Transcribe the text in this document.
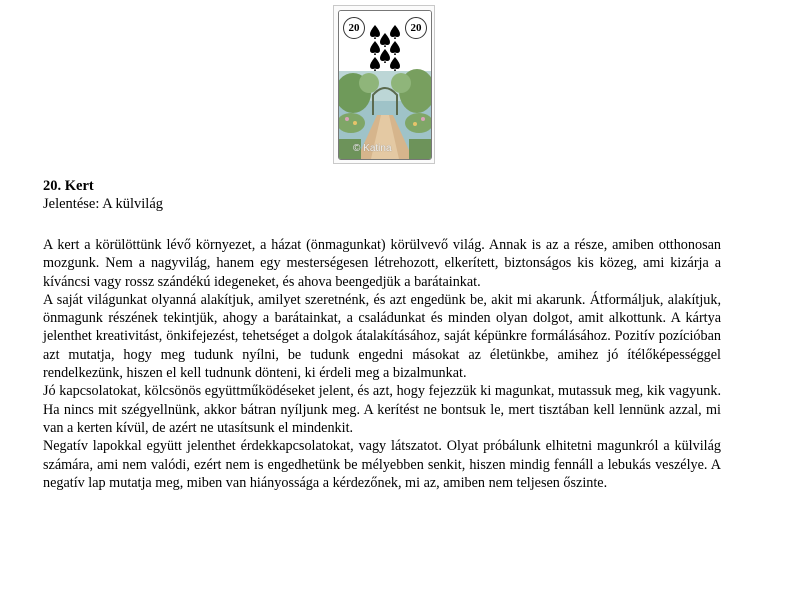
20	20
© Katina
20. Kert
Jelentése: A külvilág

A kert a körülöttünk lévő környezet, a házat (önmagunkat) körülvevő világ. Annak is az a része, amiben otthonosan mozgunk. Nem a nagyvilág, hanem egy mesterségesen létrehozott, elkerített, biztonságos kis közeg, ami kizárja a kíváncsi vagy rossz szándékú idegeneket, és ahova beengedjük a barátainkat.

A saját világunkat olyanná alakítjuk, amilyet szeretnénk, és azt engedünk be, akit mi akarunk. Átformáljuk, alakítjuk, önmagunk részének tekintjük, ahogy a barátainkat, a családunkat és minden olyan dolgot, amit alkottunk. A kártya jelenthet kreativitást, önkifejezést, tehetséget a dolgok átalakításához, saját képünkre formálásához. Pozitív pozícióban azt mutatja, hogy meg tudunk nyílni, be tudunk engedni másokat az életünkbe, amihez jó ítélőképességgel rendelkezünk, hiszen el kell tudnunk dönteni, ki érdeli meg a bizalmunkat.

Jó kapcsolatokat, kölcsönös együttműködéseket jelent, és azt, hogy fejezzük ki magunkat, mutassuk meg, kik vagyunk. Ha nincs mit szégyellnünk, akkor bátran nyíljunk meg. A kerítést ne bontsuk le, mert tisztában kell lennünk azzal, mi van a kerten kívül, de azért ne utasítsunk el mindenkit.

Negatív lapokkal együtt jelenthet érdekkapcsolatokat, vagy látszatot. Olyat próbálunk elhitetni magunkról a külvilág számára, ami nem valódi, ezért nem is engedhetünk be mélyebben senkit, hiszen mindig fennáll a lebukás veszélye. A negatív lap mutatja meg, miben van hiányossága a kérdezőnek, mi az, amiben nem teljesen őszinte.
